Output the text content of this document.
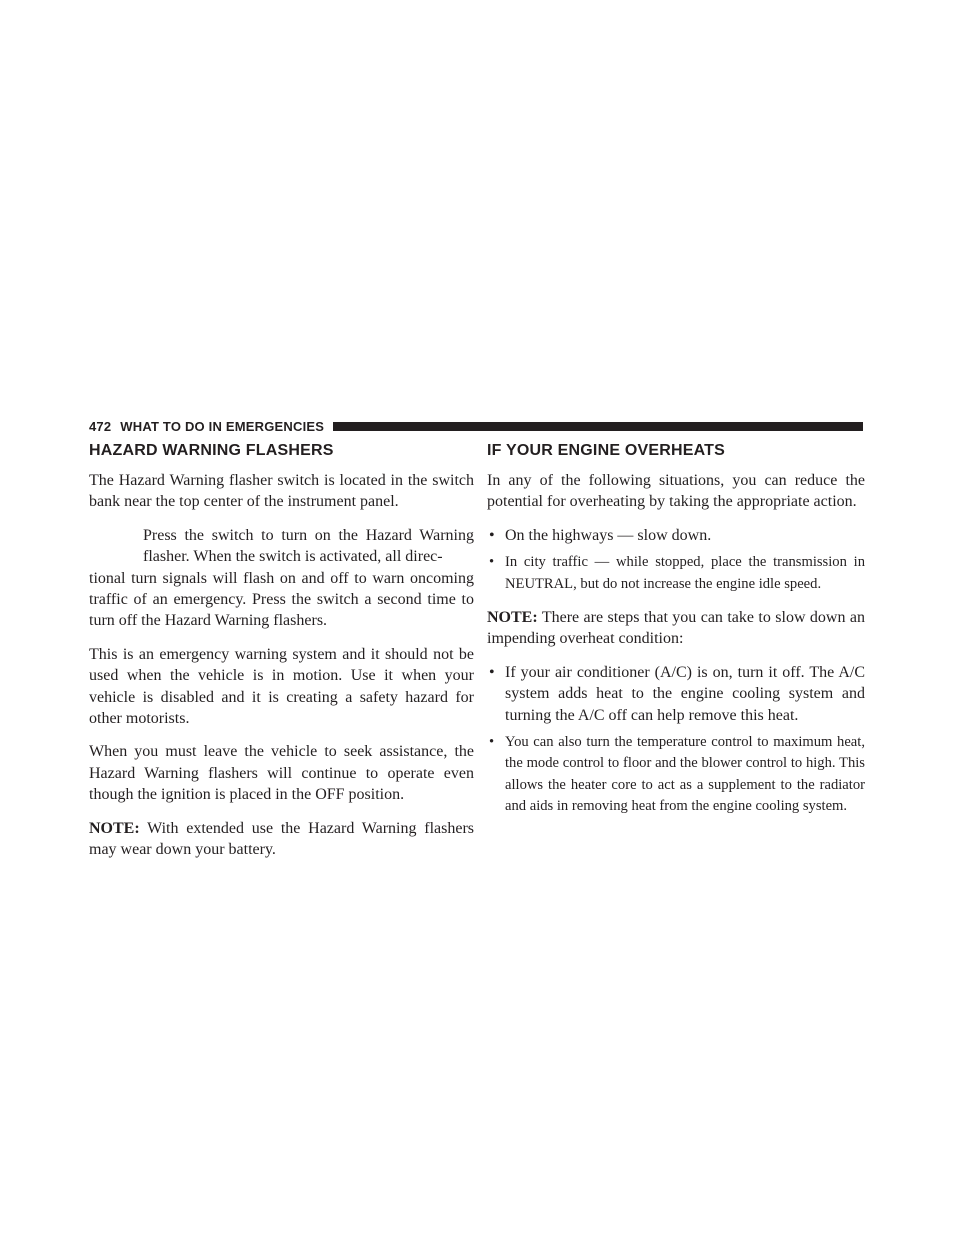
472 WHAT TO DO IN EMERGENCIES
HAZARD WARNING FLASHERS

The Hazard Warning flasher switch is located in the switch bank near the top center of the instrument panel.

Press the switch to turn on the Hazard Warning flasher. When the switch is activated, all direc-

tional turn signals will flash on and off to warn oncoming traffic of an emergency. Press the switch a second time to turn off the Hazard Warning flashers.

This is an emergency warning system and it should not be used when the vehicle is in motion. Use it when your vehicle is disabled and it is creating a safety hazard for other motorists.

When you must leave the vehicle to seek assistance, the Hazard Warning flashers will continue to operate even though the ignition is placed in the OFF position.

NOTE: With extended use the Hazard Warning flashers may wear down your battery.

IF YOUR ENGINE OVERHEATS

In any of the following situations, you can reduce the potential for overheating by taking the appropriate action.

• On the highways — slow down.
• In city traffic — while stopped, place the transmission in NEUTRAL, but do not increase the engine idle speed.

NOTE: There are steps that you can take to slow down an impending overheat condition:

• If your air conditioner (A/C) is on, turn it off. The A/C system adds heat to the engine cooling system and turning the A/C off can help remove this heat.
• You can also turn the temperature control to maximum heat, the mode control to floor and the blower control to high. This allows the heater core to act as a supplement to the radiator and aids in removing heat from the engine cooling system.
